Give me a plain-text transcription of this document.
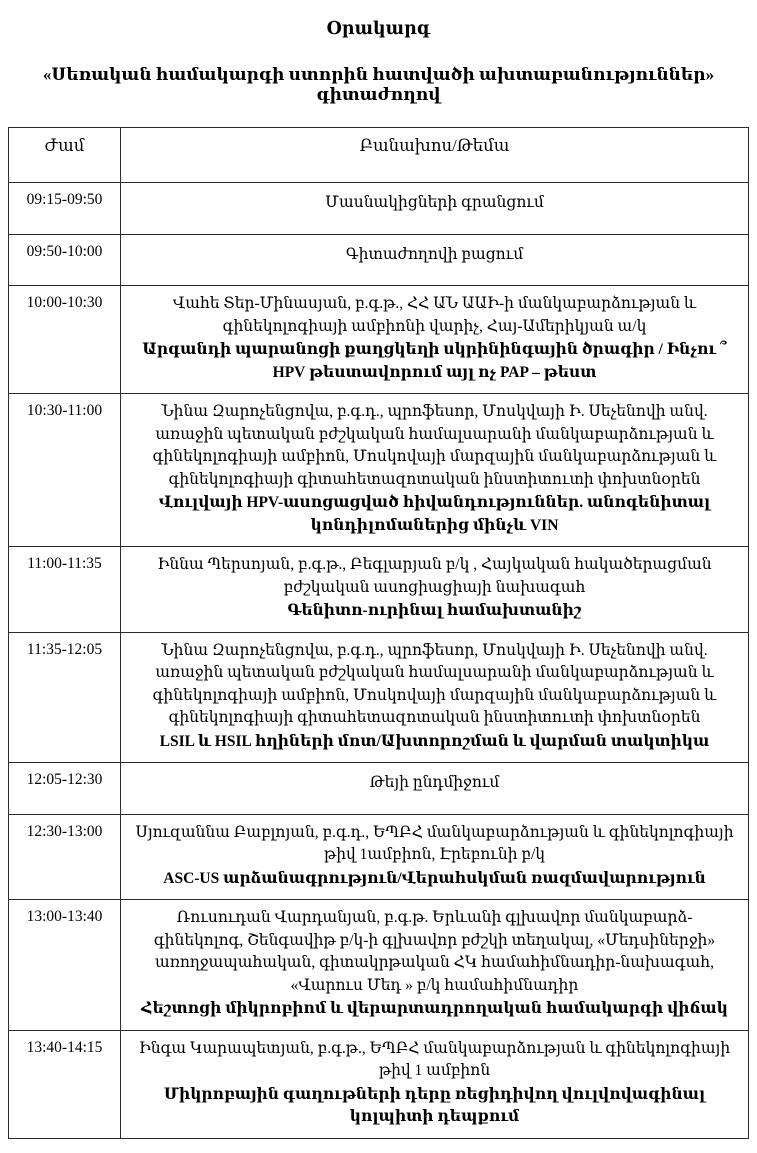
Օրակարգ
«Սեռական համակարգի ստորին հատվածի ախտաբանություններ» գիտաժողով
Ժամ	Բանախոս/Թեմա
09:15-09:50	Մասնակիցների գրանցում

09:50-10:00	Գիտաժողովի բացում

10:00-10:30	Վահե Տեր-Մինասյան, բ.գ.թ., ՀՀ ԱՆ ԱԱԻ-ի մանկաբարձության և գինեկոլոգիայի ամբիոնի վարիչ, Հայ-Ամերիկյան ա/կ
Արգանդի պարանոցի քաղցկեղի սկրինինգային ծրագիր / Ինչու ՞ HPV թեստավորում այլ ոչ PAP – թեստ

10:30-11:00	Նինա Զարոչենցովա, բ.գ.դ., պրոֆեսոր, Մոսկվայի Ի. Սեչենովի անվ. առաջին պետական բժշկական համալսարանի մանկաբարձության և գինեկոլոգիայի ամբիոն, Մոսկովայի մարզային մանկաբարձության և գինեկոլոգիայի գիտահետազոտական ինստիտուտի փոխտնօրեն
Վուլվայի HPV-ասոցացված հիվանդություններ. անոգենիտալ կոնդիլոմաներից մինչև VIN

11:00-11:35	Իննա Պերսոյան, բ.գ.թ., Բեգլարյան բ/կ , Հայկական հակածերացման բժշկական ասոցիացիայի նախագահ
Գենիտո-ուրինալ համախտանիշ

11:35-12:05	Նինա Զարոչենցովա, բ.գ.դ., պրոֆեսոր, Մոսկվայի Ի. Սեչենովի անվ. առաջին պետական բժշկական համալսարանի մանկաբարձության և գինեկոլոգիայի ամբիոն, Մոսկովայի մարզային մանկաբարձության և գինեկոլոգիայի գիտահետազոտական ինստիտուտի փոխտնօրեն
LSIL և HSIL հղիների մոտ/Ախտորոշման և վարման տակտիկա

12:05-12:30	Թեյի ընդմիջում

12:30-13:00	Սյուզաննա Բաբլոյան, բ.գ.դ., ԵՊԲՀ մանկաբարձության և գինեկոլոգիայի թիվ 1ամբիոն, Էրեբունի բ/կ
ASC-US արձանագրություն/Վերահսկման ռազմավարություն

13:00-13:40	Ռուսուդան Վարդանյան, բ.գ.թ. Երևանի գլխավոր մանկաբարձ-գինեկոլոգ, Շենգավիթ բ/կ-ի գլխավոր բժշկի տեղակալ, «Մեդսիներջի» առողջապահական, գիտակրթական ՀԿ համահիմնադիր-նախագահ, «Վարուս Մեդ » բ/կ համահիմնադիր
Հեշտոցի միկրոբիոմ և վերարտադրողական համակարգի վիճակ

13:40-14:15	Ինգա Կարապետյան, բ.գ.թ., ԵՊԲՀ մանկաբարձության և գինեկոլոգիայի թիվ 1 ամբիոն
Միկրոբային գաղութների դերը ռեցիդիվող վուլվովագինալ կոլպիտի դեպքում
